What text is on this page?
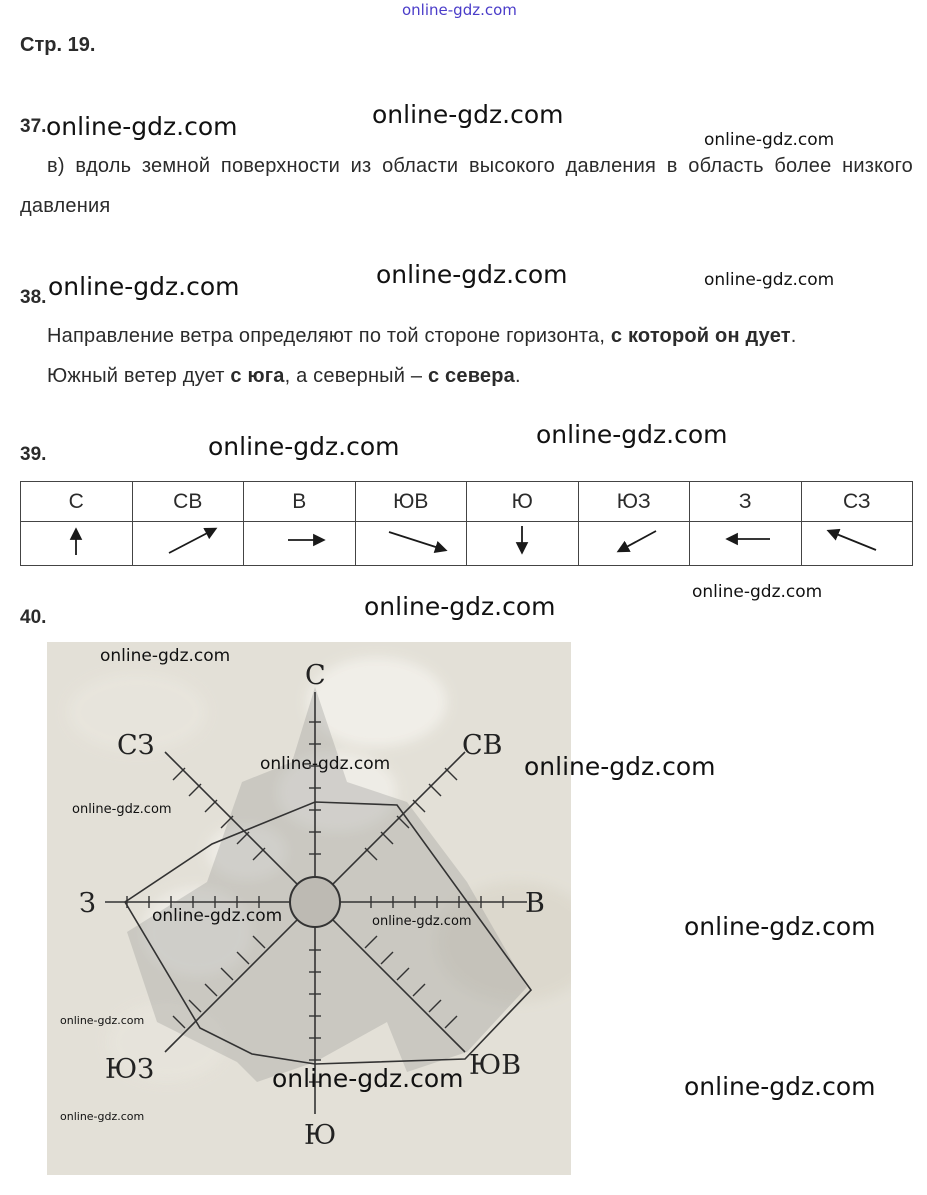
online-gdz.com
Стр. 19.
37.
в) вдоль земной поверхности из области высокого давления в область более низкого давления
38.
Направление ветра определяют по той стороне горизонта, с которой он дует.
Южный ветер дует с юга, а северный – с севера.
39.
С	СВ	В	ЮВ	Ю	ЮЗ	З	СЗ

40.
С
СВ
В
ЮВ
Ю
ЮЗ
З
СЗ
online-gdz.com	online-gdz.com
online-gdz.com
online-gdz.com	online-gdz.com	online-gdz.com
online-gdz.com	online-gdz.com
online-gdz.com
online-gdz.com
online-gdz.com
online-gdz.com	online-gdz.com
online-gdz.com
online-gdz.com	online-gdz.com	online-gdz.com
online-gdz.com
online-gdz.com	online-gdz.com
online-gdz.com
